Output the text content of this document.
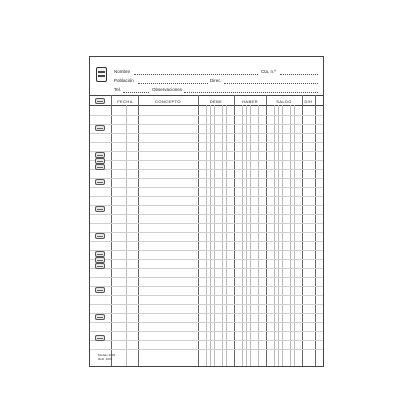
Nombre	Cta. n.º
Población	Direc.
Tel.	Observaciones
FECHA	CONCEPTO	DEBE	HABER	SALDO	D/H
Modelo 3002
Refil. 3002
